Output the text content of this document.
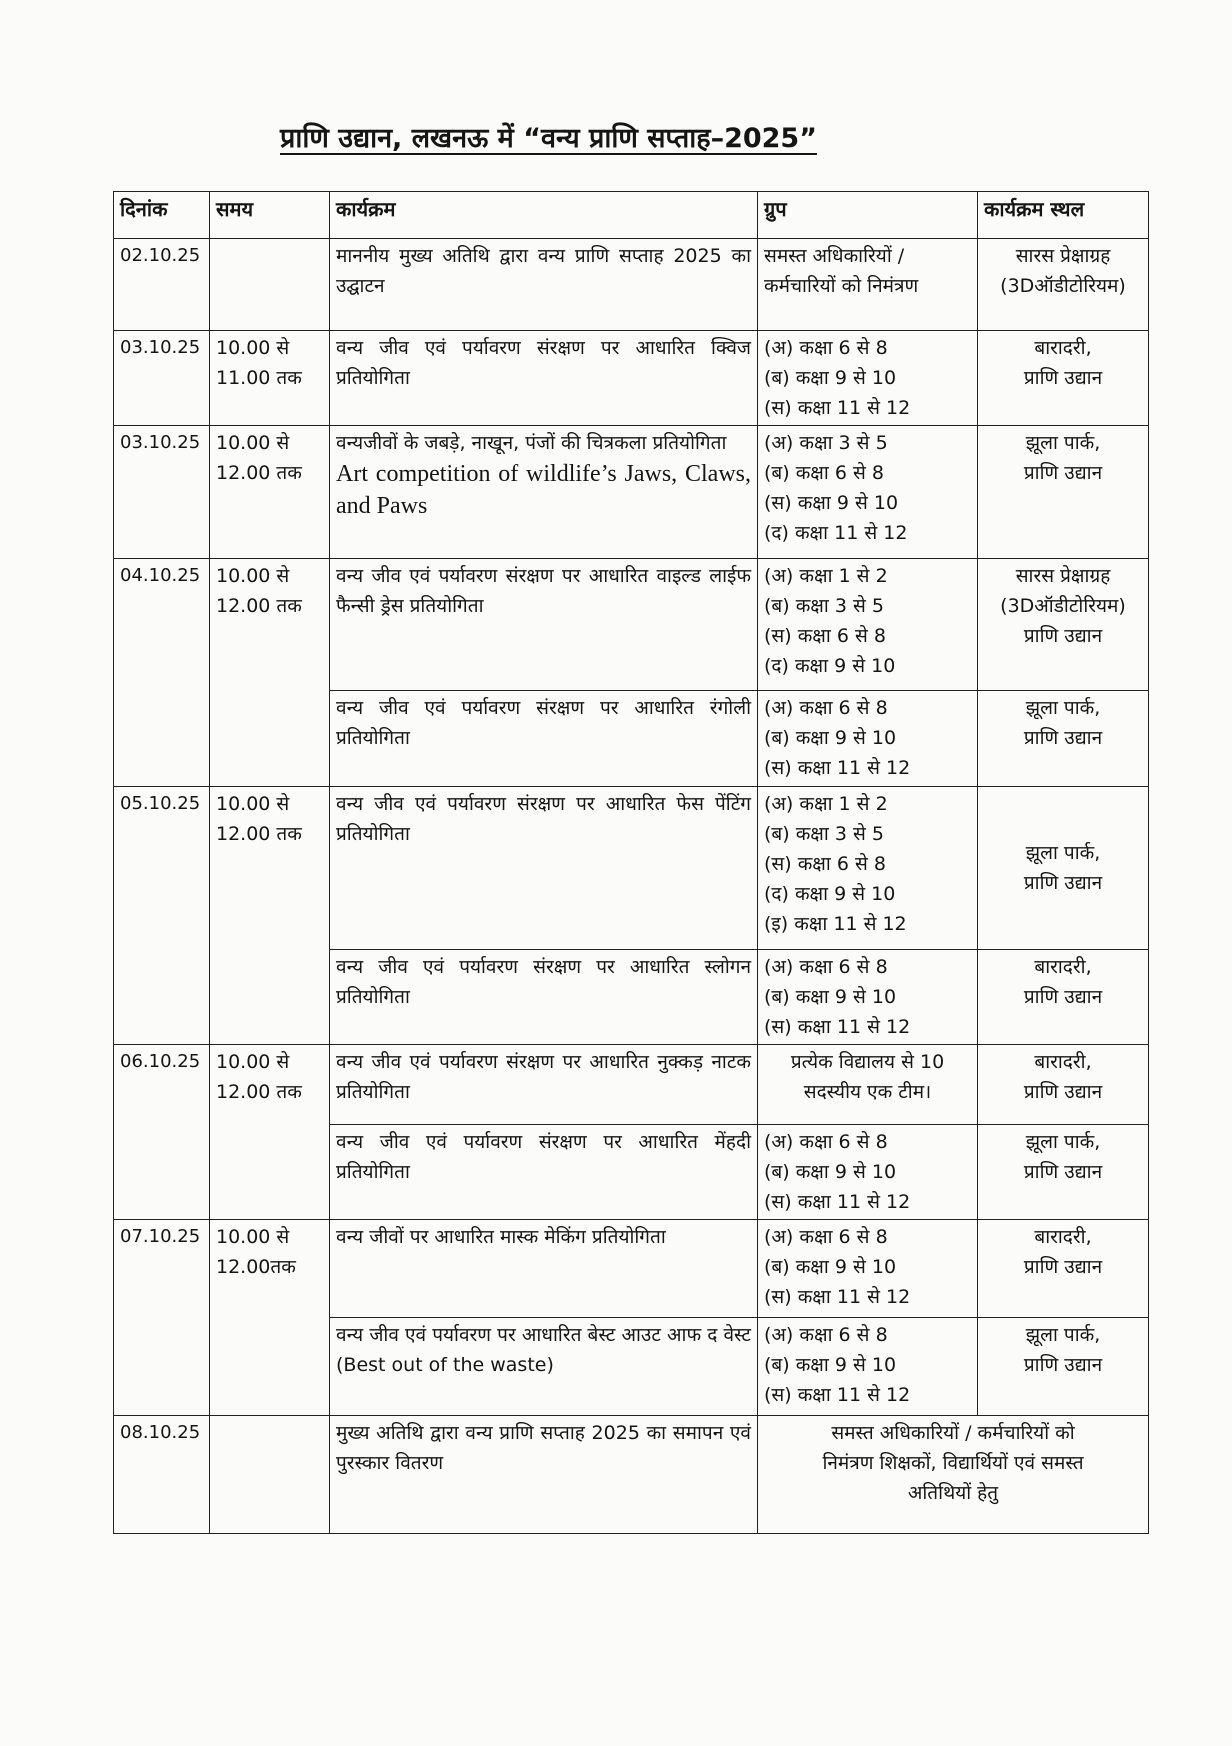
प्राणि उद्यान, लखनऊ में “वन्य प्राणि सप्ताह–2025”
दिनांक	समय	कार्यक्रम	ग्रुप	कार्यक्रम स्थल
02.10.25		माननीय मुख्य अतिथि द्वारा वन्य प्राणि सप्ताह 2025 का उद्घाटन	समस्त अधिकारियों /
कर्मचारियों को निमंत्रण	सारस प्रेक्षाग्रह
(3Dऑडीटोरियम)

03.10.25	10.00 से 11.00 तक	वन्य जीव एवं पर्यावरण संरक्षण पर आधारित क्विज प्रतियोगिता	(अ) कक्षा 6 से 8
(ब) कक्षा 9 से 10
(स) कक्षा 11 से 12	बारादरी,
प्राणि उद्यान

03.10.25	10.00 से 12.00 तक	वन्यजीवों के जबड़े, नाखून, पंजों की चित्रकला प्रतियोगिता
Art competition of wildlife’s Jaws, Claws, and Paws	(अ) कक्षा 3 से 5
(ब) कक्षा 6 से 8
(स) कक्षा 9 से 10
(द) कक्षा 11 से 12	झूला पार्क,
प्राणि उद्यान

04.10.25	10.00 से 12.00 तक	वन्य जीव एवं पर्यावरण संरक्षण पर आधारित वाइल्ड लाईफ फैन्सी ड्रेस प्रतियोगिता	(अ) कक्षा 1 से 2
(ब) कक्षा 3 से 5
(स) कक्षा 6 से 8
(द) कक्षा 9 से 10	सारस प्रेक्षाग्रह
(3Dऑडीटोरियम)
प्राणि उद्यान

		वन्य जीव एवं पर्यावरण संरक्षण पर आधारित रंगोली प्रतियोगिता	(अ) कक्षा 6 से 8
(ब) कक्षा 9 से 10
(स) कक्षा 11 से 12	झूला पार्क,
प्राणि उद्यान

05.10.25	10.00 से 12.00 तक	वन्य जीव एवं पर्यावरण संरक्षण पर आधारित फेस पेंटिंग प्रतियोगिता	(अ) कक्षा 1 से 2
(ब) कक्षा 3 से 5
(स) कक्षा 6 से 8
(द) कक्षा 9 से 10
(इ) कक्षा 11 से 12	झूला पार्क,
प्राणि उद्यान

		वन्य जीव एवं पर्यावरण संरक्षण पर आधारित स्लोगन प्रतियोगिता	(अ) कक्षा 6 से 8
(ब) कक्षा 9 से 10
(स) कक्षा 11 से 12	बारादरी,
प्राणि उद्यान

06.10.25	10.00 से 12.00 तक	वन्य जीव एवं पर्यावरण संरक्षण पर आधारित नुक्कड़ नाटक प्रतियोगिता	प्रत्येक विद्यालय से 10
सदस्यीय एक टीम।	बारादरी,
प्राणि उद्यान

		वन्य जीव एवं पर्यावरण संरक्षण पर आधारित मेंहदी प्रतियोगिता	(अ) कक्षा 6 से 8
(ब) कक्षा 9 से 10
(स) कक्षा 11 से 12	झूला पार्क,
प्राणि उद्यान

07.10.25	10.00 से 12.00तक	वन्य जीवों पर आधारित मास्क मेकिंग प्रतियोगिता	(अ) कक्षा 6 से 8
(ब) कक्षा 9 से 10
(स) कक्षा 11 से 12	बारादरी,
प्राणि उद्यान

		वन्य जीव एवं पर्यावरण पर आधारित बेस्ट आउट आफ द वेस्ट (Best out of the waste)	(अ) कक्षा 6 से 8
(ब) कक्षा 9 से 10
(स) कक्षा 11 से 12	झूला पार्क,
प्राणि उद्यान

08.10.25		मुख्य अतिथि द्वारा वन्य प्राणि सप्ताह 2025 का समापन एवं पुरस्कार वितरण	समस्त अधिकारियों / कर्मचारियों को
निमंत्रण शिक्षकों, विद्यार्थियों एवं समस्त
अतिथियों हेतु	
